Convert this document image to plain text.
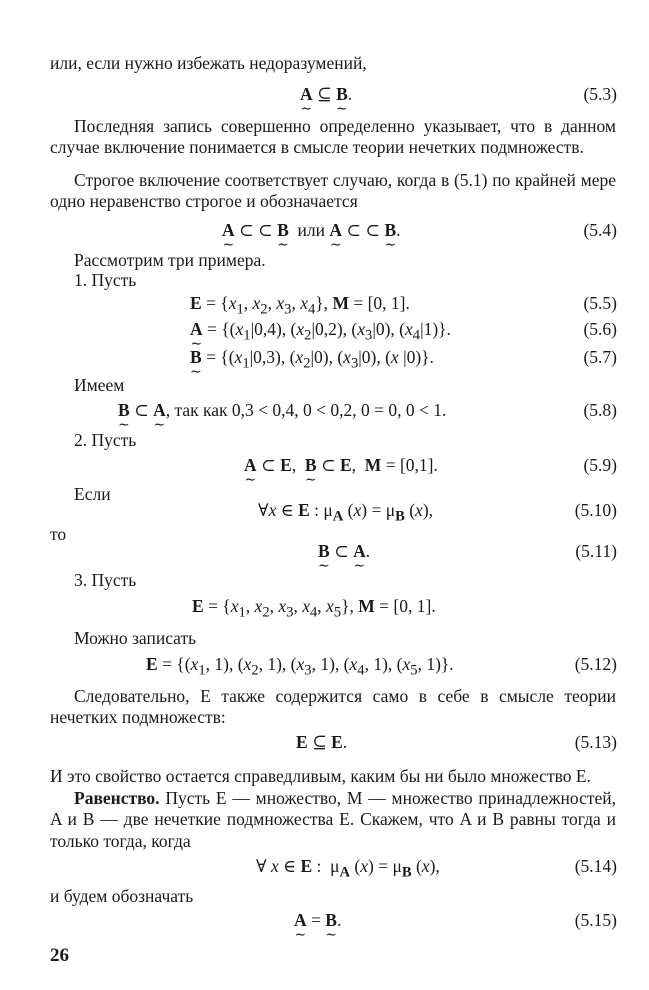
или, если нужно избежать недоразумений,
A ∼ ⊆ B ∼.	(5.3)
Последняя запись совершенно определенно указывает, что в данном случае включение понимается в смысле теории нечетких подмножеств.
Строгое включение соответствует случаю, когда в (5.1) по крайней мере одно неравенство строгое и обозначается
A ∼ ⊂ ⊂ B ∼  или A ∼ ⊂ ⊂ B ∼.	(5.4)
Рассмотрим три примера.
1. Пусть
$E = \{x_1$, $x_2$, $x_3$, $x_4$}, M = [0, 1].	(5.5)
A ∼ = {$(x_1|0,4)$, $(x_2|0,2)$, $(x_3|0)$, $(x_4|1)$}.	(5.6)
B ∼ = {$(x_1|0,3)$, $(x_2|0)$, $(x_3|0)$, (x |0)}.	(5.7)
Имеем
B ∼ ⊂ A ∼, так как 0,3 < 0,4, 0 < 0,2, 0 = 0, 0 < 1.	(5.8)
2. Пусть
A ∼ ⊂ E,  B ∼ ⊂ E,  M = [0,1].	(5.9)
Если
∀x ∈ E : $\mu_A$ $(x) = \mu_B$ (x),	(5.10)
то
B ∼ ⊂ A ∼.	(5.11)
3. Пусть
$E = \{x_1$, $x_2$, $x_3$, $x_4$, $x_5$}, M = [0, 1].
Можно записать
$E = \{(x_1$, 1), ($x_2$, 1), ($x_3$, 1), ($x_4$, 1), ($x_5$, 1)}.	(5.12)
Следовательно, E также содержится само в себе в смысле теории нечетких подмножеств:
E ⊆ E.	(5.13)
И это свойство остается справедливым, каким бы ни было множество E.
Равенство. Пусть E — множество, M — множество принадлежностей, A и B — две нечеткие подмножества E. Скажем, что A и B равны тогда и только тогда, когда
∀ x ∈ E :  $\mu_A$ $(x) = \mu_B$ (x),	(5.14)
и будем обозначать
A ∼ = B ∼.	(5.15)
26
